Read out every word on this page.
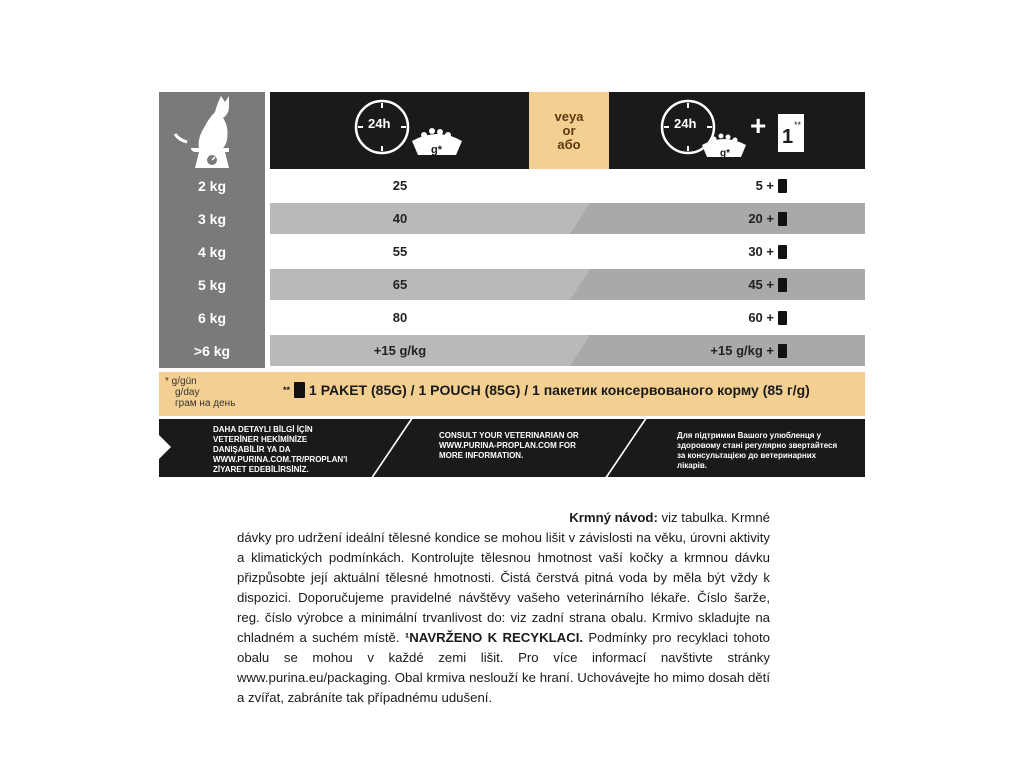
24h
g*
veya
or
або
24h
g*
+ 1
**
2 kg	25	5 +
3 kg	40	20 +
4 kg	55	30 +
5 kg	65	45 +
6 kg	80	60 +
>6 kg	+15 g/kg	+15 g/kg +
* g/gün
g/day
грам на день
** 1 PAKET (85G) / 1 POUCH (85G) / 1 пакетик консервованого корму (85 г/g)
DAHA DETAYLI BİLGİ İÇİN VETERİNER HEKİMİNİZE DANIŞABİLİR YA DA WWW.PURINA.COM.TR/PROPLAN'I ZİYARET EDEBİLİRSİNİZ.
CONSULT YOUR VETERINARIAN OR WWW.PURINA-PROPLAN.COM FOR MORE INFORMATION.
Для підтримки Вашого улюбленця у здоровому стані регулярно звертайтеся за консультацією до ветеринарних лікарів.
Krmný návod: viz tabulka. Krmné
dávky pro udržení ideální tělesné kondice se mohou lišit v závislosti na věku, úrovni aktivity a klimatických podmínkách. Kontrolujte tělesnou hmotnost vaší kočky a krmnou dávku přizpůsobte její aktuální tělesné hmotnosti. Čistá čerstvá pitná voda by měla být vždy k dispozici. Doporučujeme pravidelné návštěvy vašeho veterinárního lékaře. Číslo šarže, reg. číslo výrobce a minimální trvanlivost do: viz zadní strana obalu. Krmivo skladujte na chladném a suchém místě. ¹NAVRŽENO K RECYKLACI. Podmínky pro recyklaci tohoto obalu se mohou v každé zemi lišit. Pro více informací navštivte stránky www.purina.eu/packaging. Obal krmiva neslouží ke hraní. Uchovávejte ho mimo dosah dětí a zvířat, zabráníte tak případnému udušení.
